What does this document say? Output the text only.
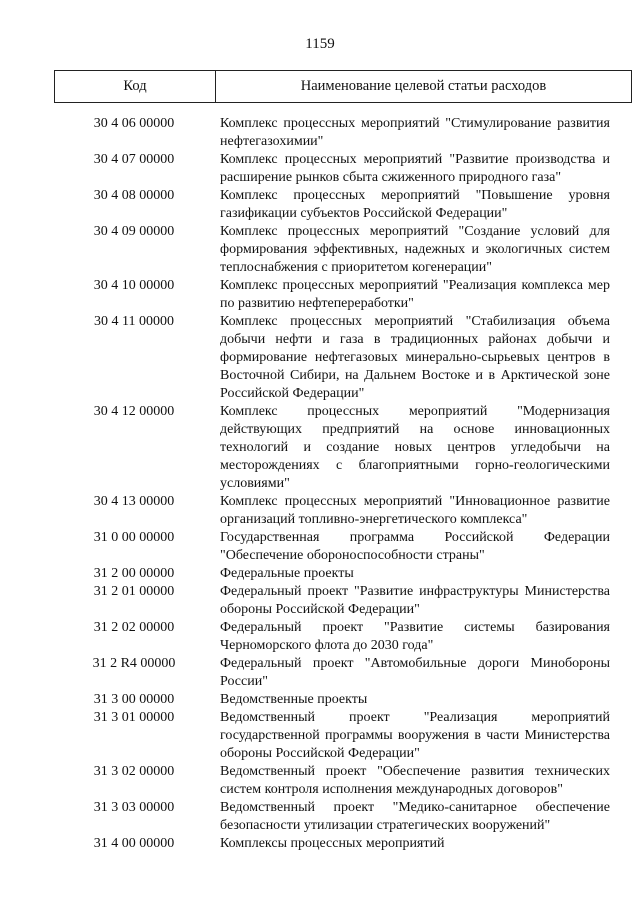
1159
Код	Наименование целевой статьи расходов
30 4 06 00000	Комплекс процессных мероприятий "Стимулирование развития нефтегазохимии"
30 4 07 00000	Комплекс процессных мероприятий "Развитие производства и расширение рынков сбыта сжиженного природного газа"
30 4 08 00000	Комплекс процессных мероприятий "Повышение уровня газификации субъектов Российской Федерации"
30 4 09 00000	Комплекс процессных мероприятий "Создание условий для формирования эффективных, надежных и экологичных систем теплоснабжения с приоритетом когенерации"
30 4 10 00000	Комплекс процессных мероприятий "Реализация комплекса мер по развитию нефтепереработки"
30 4 11 00000	Комплекс процессных мероприятий "Стабилизация объема добычи нефти и газа в традиционных районах добычи и формирование нефтегазовых минерально-сырьевых центров в Восточной Сибири, на Дальнем Востоке и в Арктической зоне Российской Федерации"
30 4 12 00000	Комплекс процессных мероприятий "Модернизация действующих предприятий на основе инновационных технологий и создание новых центров угледобычи на месторождениях с благоприятными горно-геологическими условиями"
30 4 13 00000	Комплекс процессных мероприятий "Инновационное развитие организаций топливно-энергетического комплекса"
31 0 00 00000	Государственная программа Российской Федерации "Обеспечение обороноспособности страны"
31 2 00 00000	Федеральные проекты
31 2 01 00000	Федеральный проект "Развитие инфраструктуры Министерства обороны Российской Федерации"
31 2 02 00000	Федеральный проект "Развитие системы базирования Черноморского флота до 2030 года"
31 2 R4 00000	Федеральный проект "Автомобильные дороги Минобороны России"
31 3 00 00000	Ведомственные проекты
31 3 01 00000	Ведомственный проект "Реализация мероприятий государственной программы вооружения в части Министерства обороны Российской Федерации"
31 3 02 00000	Ведомственный проект "Обеспечение развития технических систем контроля исполнения международных договоров"
31 3 03 00000	Ведомственный проект "Медико-санитарное обеспечение безопасности утилизации стратегических вооружений"
31 4 00 00000	Комплексы процессных мероприятий
